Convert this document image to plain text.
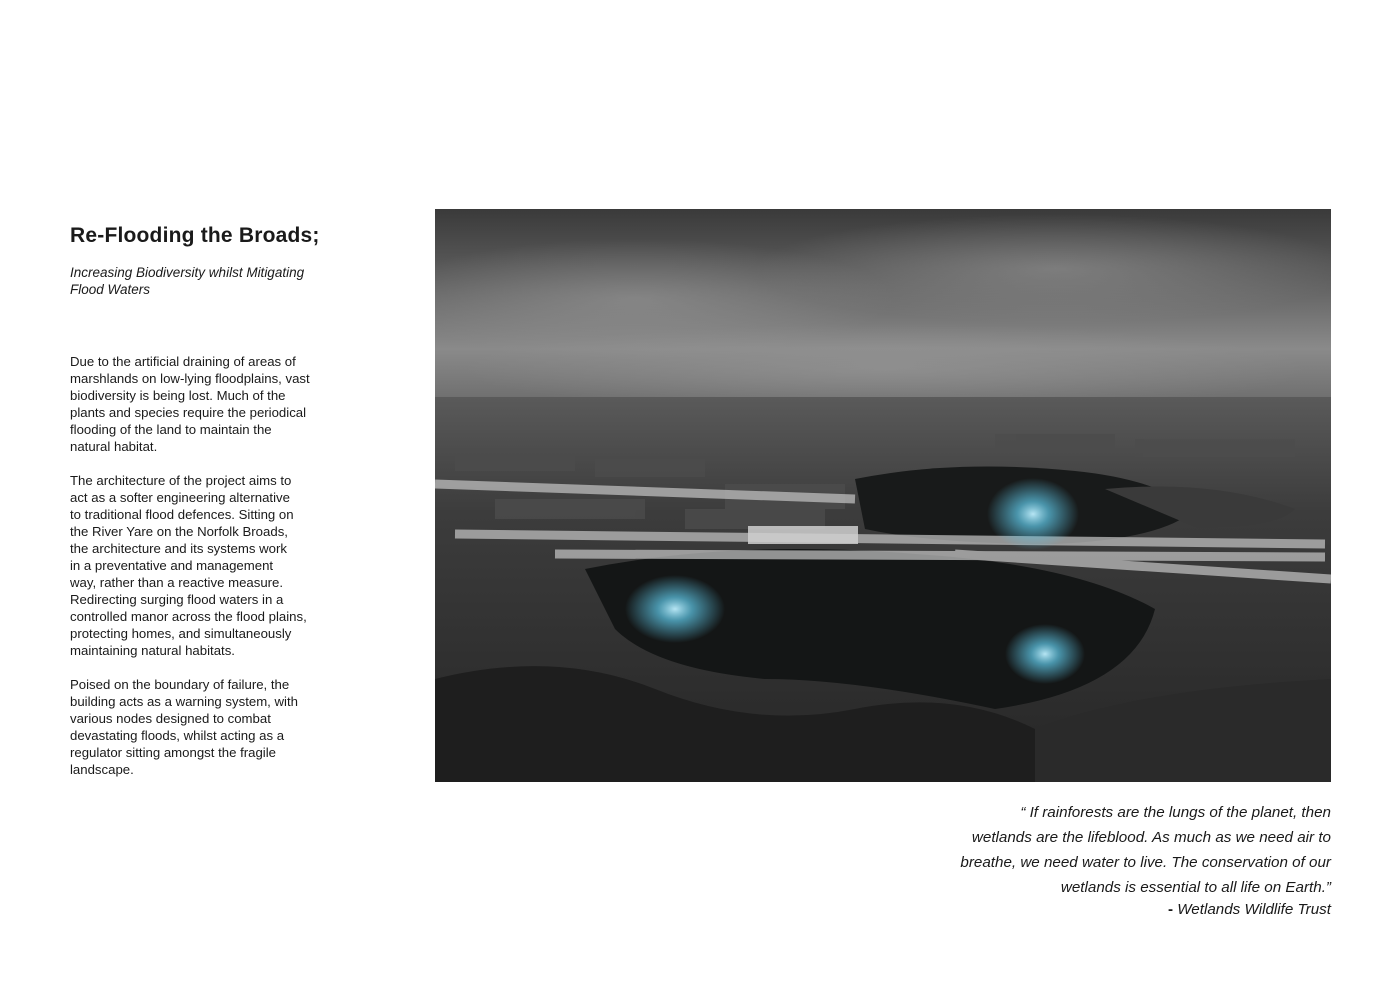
Re-Flooding the Broads;
Increasing Biodiversity whilst Mitigating
Flood Waters

Due to the artificial draining of areas of
marshlands on low-lying floodplains, vast
biodiversity is being lost. Much of the
plants and species require the periodical
flooding of the land to maintain the
natural habitat.

The architecture of the project aims to
act as a softer engineering alternative
to traditional flood defences. Sitting on
the River Yare on the Norfolk Broads,
the architecture and its systems work
in a preventative and management
way, rather than a reactive measure.
Redirecting surging flood waters in a
controlled manor across the flood plains,
protecting homes, and simultaneously
maintaining natural habitats.

Poised on the boundary of failure, the
building acts as a warning system, with
various nodes designed to combat
devastating floods, whilst acting as a
regulator sitting amongst the fragile
landscape.

“ If rainforests are the lungs of the planet, then
wetlands are the lifeblood. As much as we need air to
breathe, we need water to live. The conservation of our
wetlands is essential to all life on Earth.”
- Wetlands Wildlife Trust
